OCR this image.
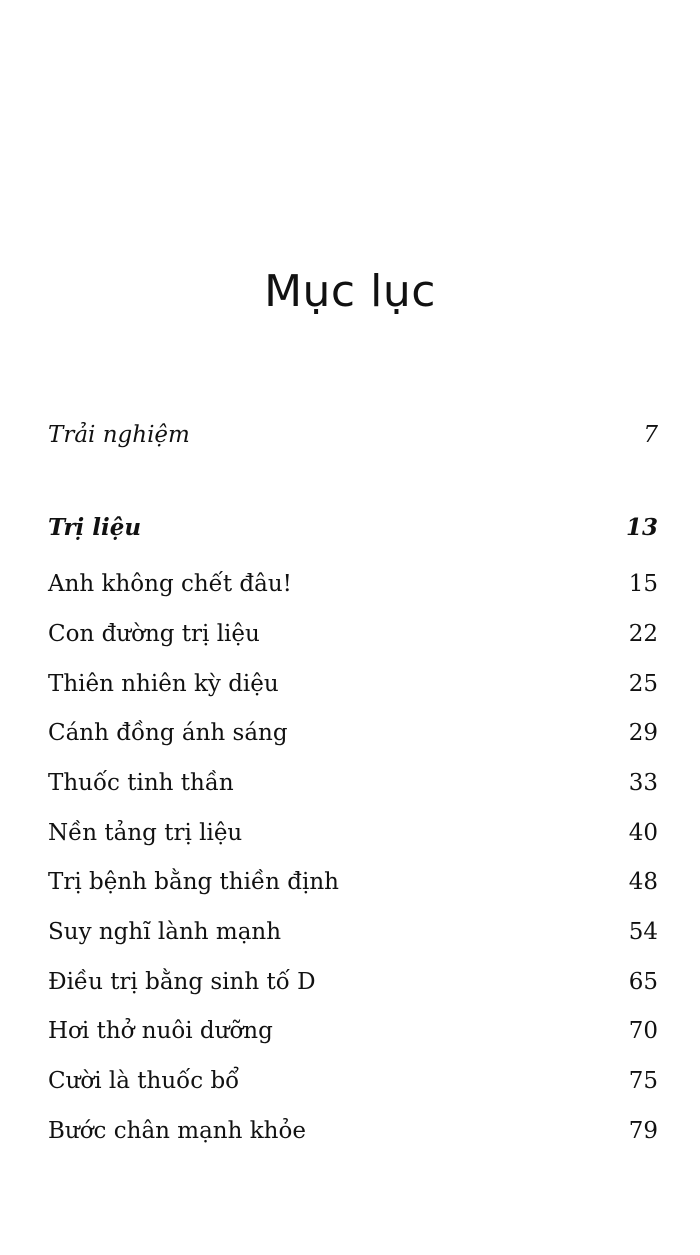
Mục lục
Trải nghiệm	7
Trị liệu	13
Anh không chết đâu!	15
Con đường trị liệu	22
Thiên nhiên kỳ diệu	25
Cánh đồng ánh sáng	29
Thuốc tinh thần	33
Nền tảng trị liệu	40
Trị bệnh bằng thiền định	48
Suy nghĩ lành mạnh	54
Điều trị bằng sinh tố D	65
Hơi thở nuôi dưỡng	70
Cười là thuốc bổ	75
Bước chân mạnh khỏe	79
